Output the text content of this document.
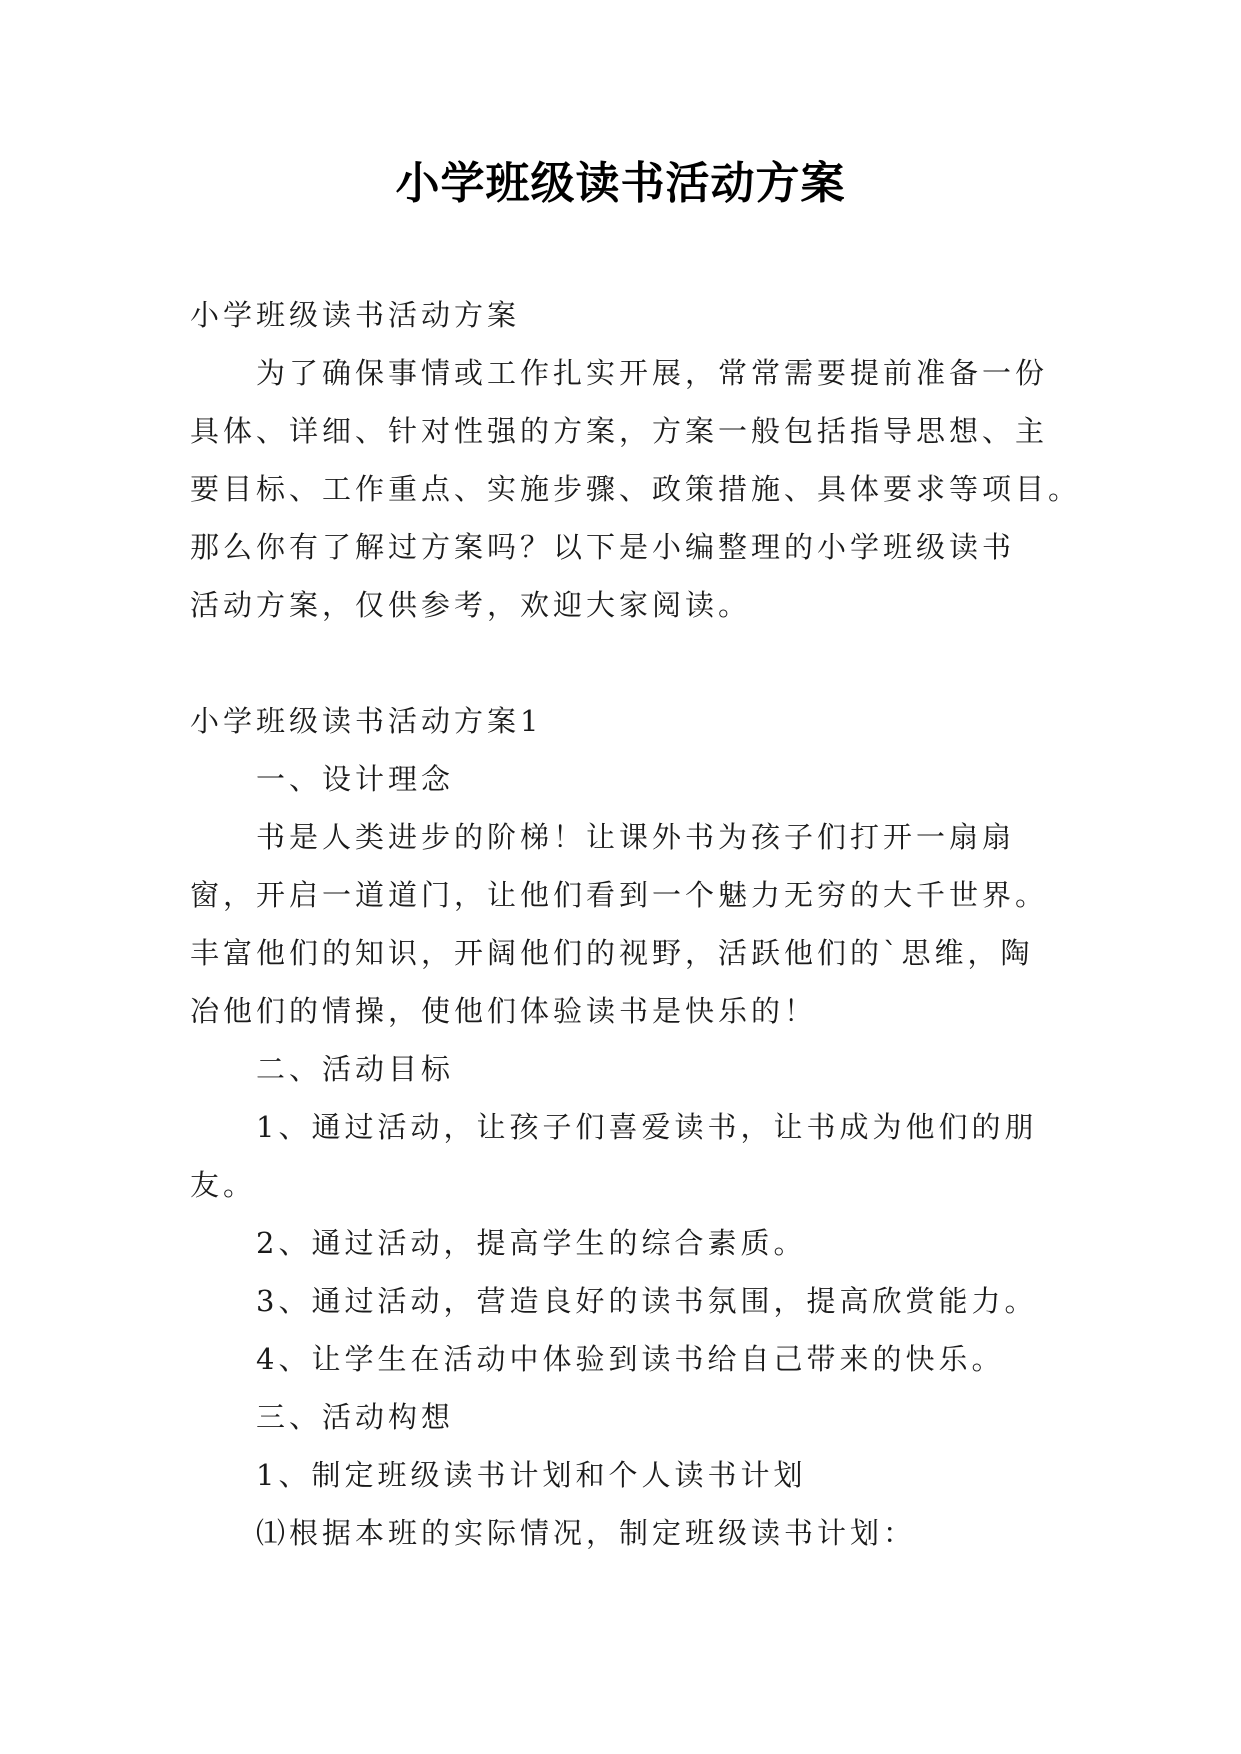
小学班级读书活动方案
小学班级读书活动方案
为了确保事情或工作扎实开展，常常需要提前准备一份
具体、详细、针对性强的方案，方案一般包括指导思想、主
要目标、工作重点、实施步骤、政策措施、具体要求等项目。
那么你有了解过方案吗？以下是小编整理的小学班级读书
活动方案，仅供参考，欢迎大家阅读。
小学班级读书活动方案1
一、设计理念
书是人类进步的阶梯！让课外书为孩子们打开一扇扇
窗，开启一道道门，让他们看到一个魅力无穷的大千世界。
丰富他们的知识，开阔他们的视野，活跃他们的`思维，陶
冶他们的情操，使他们体验读书是快乐的！
二、活动目标
1、通过活动，让孩子们喜爱读书，让书成为他们的朋
友。
2、通过活动，提高学生的综合素质。
3、通过活动，营造良好的读书氛围，提高欣赏能力。
4、让学生在活动中体验到读书给自己带来的快乐。
三、活动构想
1、制定班级读书计划和个人读书计划
⑴根据本班的实际情况，制定班级读书计划：
